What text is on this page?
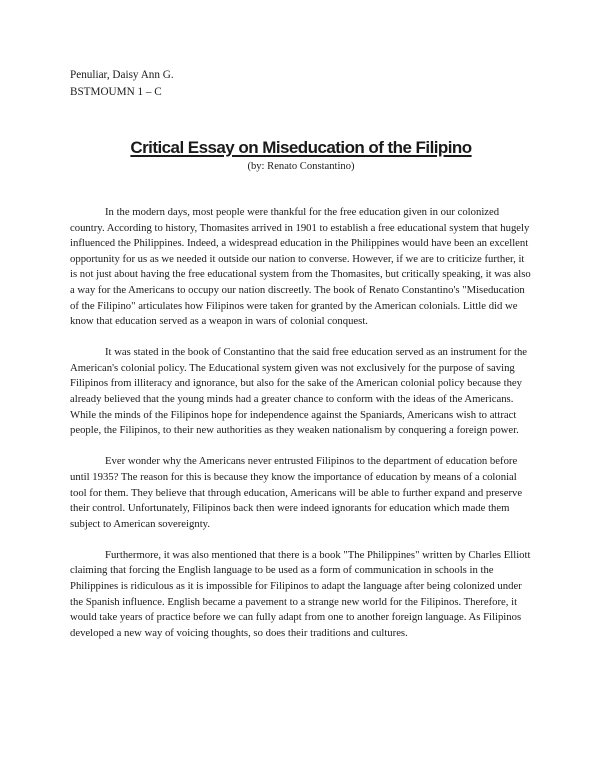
Penuliar, Daisy Ann G.

BSTMOUMN 1 – C

Critical Essay on Miseducation of the Filipino

(by: Renato Constantino)

In the modern days, most people were thankful for the free education given in our colonized country. According to history, Thomasites arrived in 1901 to establish a free educational system that hugely influenced the Philippines. Indeed, a widespread education in the Philippines would have been an excellent opportunity for us as we needed it outside our nation to converse. However, if we are to criticize further, it is not just about having the free educational system from the Thomasites, but critically speaking, it was also a way for the Americans to occupy our nation discreetly. The book of Renato Constantino's "Miseducation of the Filipino" articulates how Filipinos were taken for granted by the American colonials. Little did we know that education served as a weapon in wars of colonial conquest.

It was stated in the book of Constantino that the said free education served as an instrument for the American's colonial policy. The Educational system given was not exclusively for the purpose of saving Filipinos from illiteracy and ignorance, but also for the sake of the American colonial policy because they already believed that the young minds had a greater chance to conform with the ideas of the Americans. While the minds of the Filipinos hope for independence against the Spaniards, Americans wish to attract people, the Filipinos, to their new authorities as they weaken nationalism by conquering a foreign power.

Ever wonder why the Americans never entrusted Filipinos to the department of education before until 1935? The reason for this is because they know the importance of education by means of a colonial tool for them. They believe that through education, Americans will be able to further expand and preserve their control. Unfortunately, Filipinos back then were indeed ignorants for education which made them subject to American sovereignty.

Furthermore, it was also mentioned that there is a book "The Philippines" written by Charles Elliott claiming that forcing the English language to be used as a form of communication in schools in the Philippines is ridiculous as it is impossible for Filipinos to adapt the language after being colonized under the Spanish influence. English became a pavement to a strange new world for the Filipinos. Therefore, it would take years of practice before we can fully adapt from one to another foreign language. As Filipinos developed a new way of voicing thoughts, so does their traditions and cultures.
